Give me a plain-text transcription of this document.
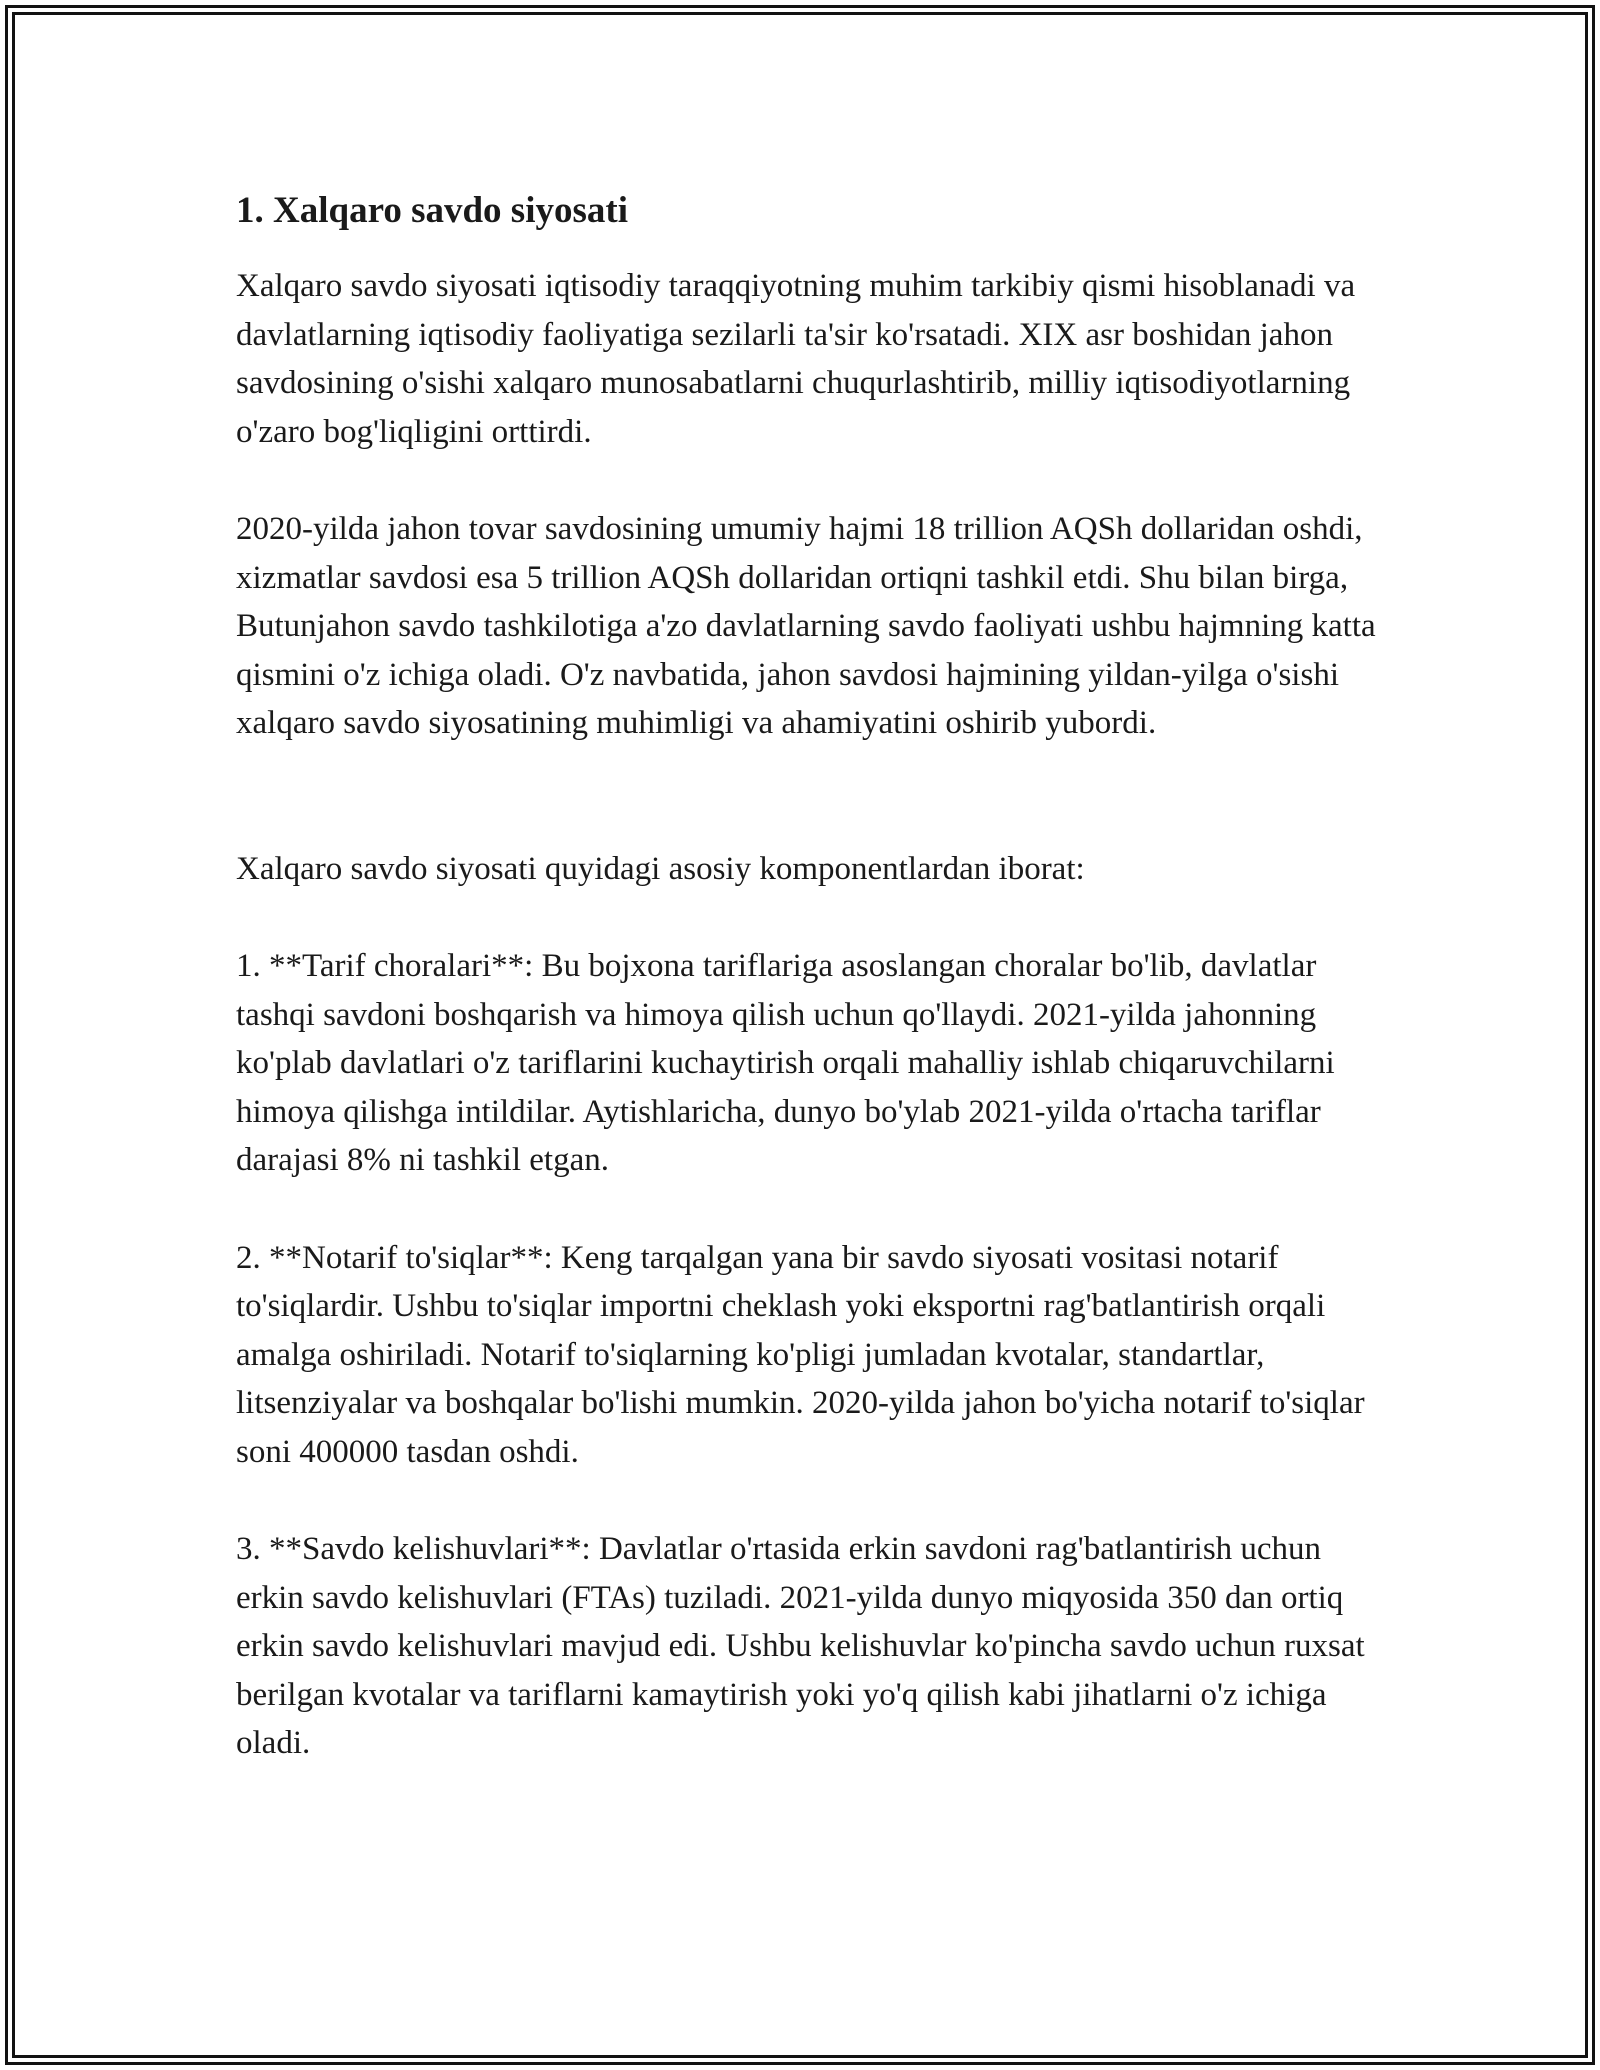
1. Xalqaro savdo siyosati

Xalqaro savdo siyosati iqtisodiy taraqqiyotning muhim tarkibiy qismi hisoblanadi va davlatlarning iqtisodiy faoliyatiga sezilarli ta'sir ko'rsatadi. XIX asr boshidan jahon savdosining o'sishi xalqaro munosabatlarni chuqurlashtirib, milliy iqtisodiyotlarning o'zaro bog'liqligini orttirdi.

2020-yilda jahon tovar savdosining umumiy hajmi 18 trillion AQSh dollaridan oshdi, xizmatlar savdosi esa 5 trillion AQSh dollaridan ortiqni tashkil etdi. Shu bilan birga, Butunjahon savdo tashkilotiga a'zo davlatlarning savdo faoliyati ushbu hajmning katta qismini o'z ichiga oladi. O'z navbatida, jahon savdosi hajmining yildan-yilga o'sishi xalqaro savdo siyosatining muhimligi va ahamiyatini oshirib yubordi.

Xalqaro savdo siyosati quyidagi asosiy komponentlardan iborat:

1. **Tarif choralari**: Bu bojxona tariflariga asoslangan choralar bo'lib, davlatlar tashqi savdoni boshqarish va himoya qilish uchun qo'llaydi. 2021-yilda jahonning ko'plab davlatlari o'z tariflarini kuchaytirish orqali mahalliy ishlab chiqaruvchilarni himoya qilishga intildilar. Aytishlaricha, dunyo bo'ylab 2021-yilda o'rtacha tariflar darajasi 8% ni tashkil etgan.

2. **Notarif to'siqlar**: Keng tarqalgan yana bir savdo siyosati vositasi notarif to'siqlardir. Ushbu to'siqlar importni cheklash yoki eksportni rag'batlantirish orqali amalga oshiriladi. Notarif to'siqlarning ko'pligi jumladan kvotalar, standartlar, litsenziyalar va boshqalar bo'lishi mumkin. 2020-yilda jahon bo'yicha notarif to'siqlar soni 400000 tasdan oshdi.

3. **Savdo kelishuvlari**: Davlatlar o'rtasida erkin savdoni rag'batlantirish uchun erkin savdo kelishuvlari (FTAs) tuziladi. 2021-yilda dunyo miqyosida 350 dan ortiq erkin savdo kelishuvlari mavjud edi. Ushbu kelishuvlar ko'pincha savdo uchun ruxsat berilgan kvotalar va tariflarni kamaytirish yoki yo'q qilish kabi jihatlarni o'z ichiga oladi.
